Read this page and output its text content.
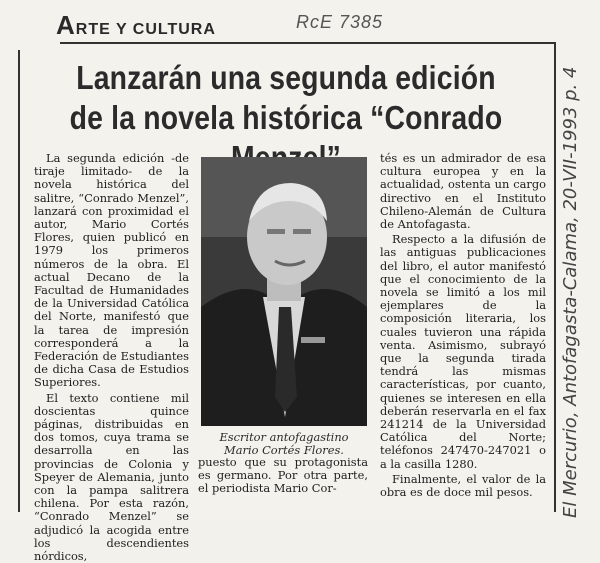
ARTE Y CULTURA	RcE 7385
Lanzarán una segunda edición de la novela histórica “Conrado

La segunda edición -de tiraje limitado- de la novela histórica del salitre, “Conrado Menzel”, lanzará con proximidad el autor, Mario Cortés Flores, quien publicó en 1979 los primeros números de la obra. El actual Decano de la Facultad de Humanidades de la Universidad Católica del Norte, manifestó que la tarea de impresión corresponderá a la Federación de Estudiantes de dicha Casa de Estudios Superiores.

El texto contiene mil doscientas quince páginas, distribuidas en dos tomos, cuya trama se desarrolla en las provincias de Colonia y Speyer de Alemania, junto con la pampa salitrera chilena. Por esta razón, “Conrado Menzel” se adjudicó la acogida entre los descendientes nórdicos,

Escritor antofagastino Mario Cortés Flores.

puesto que su protagonista es germano. Por otra parte, el periodista Mario Cor-

tés es un admirador de esa cultura europea y en la actualidad, ostenta un cargo directivo en el Instituto Chileno-Alemán de Cultura de Antofagasta.

Respecto a la difusión de las antiguas publicaciones del libro, el autor manifestó que el conocimiento de la novela se limitó a los mil ejemplares de la composición literaria, los cuales tuvieron una rápida venta. Asimismo, subrayó que la segunda tirada tendrá las mismas características, por cuanto, quienes se interesen en ella deberán reservarla en el fax 241214 de la Universidad Católica del Norte; teléfonos 247470-247021 o a la casilla 1280.

Finalmente, el valor de la obra es de doce mil pesos.	El Mercurio, Antofagasta-Calama, 20-VII-1993 p. 4
